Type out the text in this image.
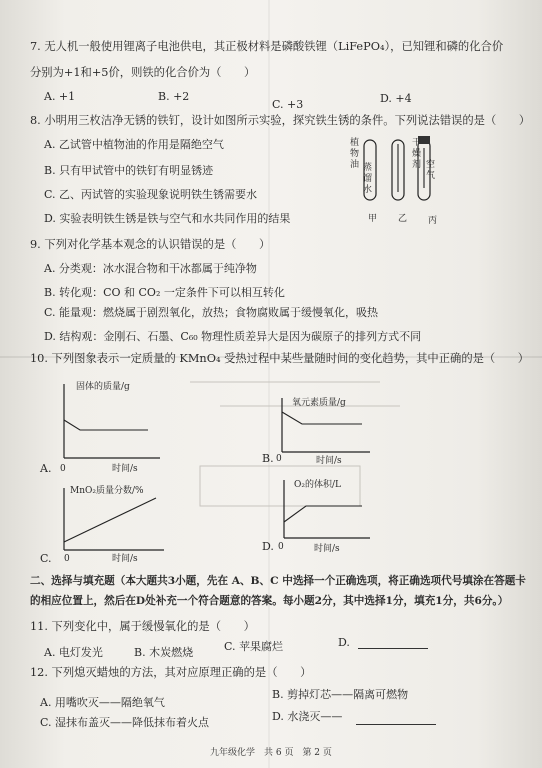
7. 无人机一般使用锂离子电池供电，其正极材料是磷酸铁锂（LiFePO₄），已知锂和磷的化合价
分别为+1和+5价，则铁的化合价为（　　）
A. +1	B. +2
C. +3	D. +4
8. 小明用三枚洁净无锈的铁钉，设计如图所示实验，探究铁生锈的条件。下列说法错误的是（　　）
A. 乙试管中植物油的作用是隔绝空气
B. 只有甲试管中的铁钉有明显锈迹
C. 乙、丙试管的实验现象说明铁生锈需要水
D. 实验表明铁生锈是铁与空气和水共同作用的结果
植物油 蒸馏水
干燥剂 空气
甲 乙 丙
9. 下列对化学基本观念的认识错误的是（　　）
A. 分类观：冰水混合物和干冰都属于纯净物
B. 转化观：CO 和 CO₂ 一定条件下可以相互转化
C. 能量观：燃烧属于剧烈氧化，放热；食物腐败属于缓慢氧化，吸热
D. 结构观：金刚石、石墨、C₆₀ 物理性质差异大是因为碳原子的排列方式不同
10. 下列图象表示一定质量的 KMnO₄ 受热过程中某些量随时间的变化趋势，其中正确的是（　　）
固体的质量/g
A. 0	时间/s
氧元素质量/g
B. 0	时间/s
MnO₂质量分数/%
C. 0	时间/s
O₂的体积/L
D. 0	时间/s
二、选择与填充题（本大题共3小题，先在 A、B、C 中选择一个正确选项，将正确选项代号填涂在答题卡
的相应位置上，然后在D处补充一个符合题意的答案。每小题2分，其中选择1分，填充1分，共6分。）
11. 下列变化中，属于缓慢氧化的是（　　）
A. 电灯发光	B. 木炭燃烧	C. 苹果腐烂	D.
12. 下列熄灭蜡烛的方法，其对应原理正确的是（　　）
A. 用嘴吹灭——隔绝氧气
B. 剪掉灯芯——隔离可燃物
C. 湿抹布盖灭——降低抹布着火点	D. 水浇灭——
九年级化学　共 6 页　第 2 页
